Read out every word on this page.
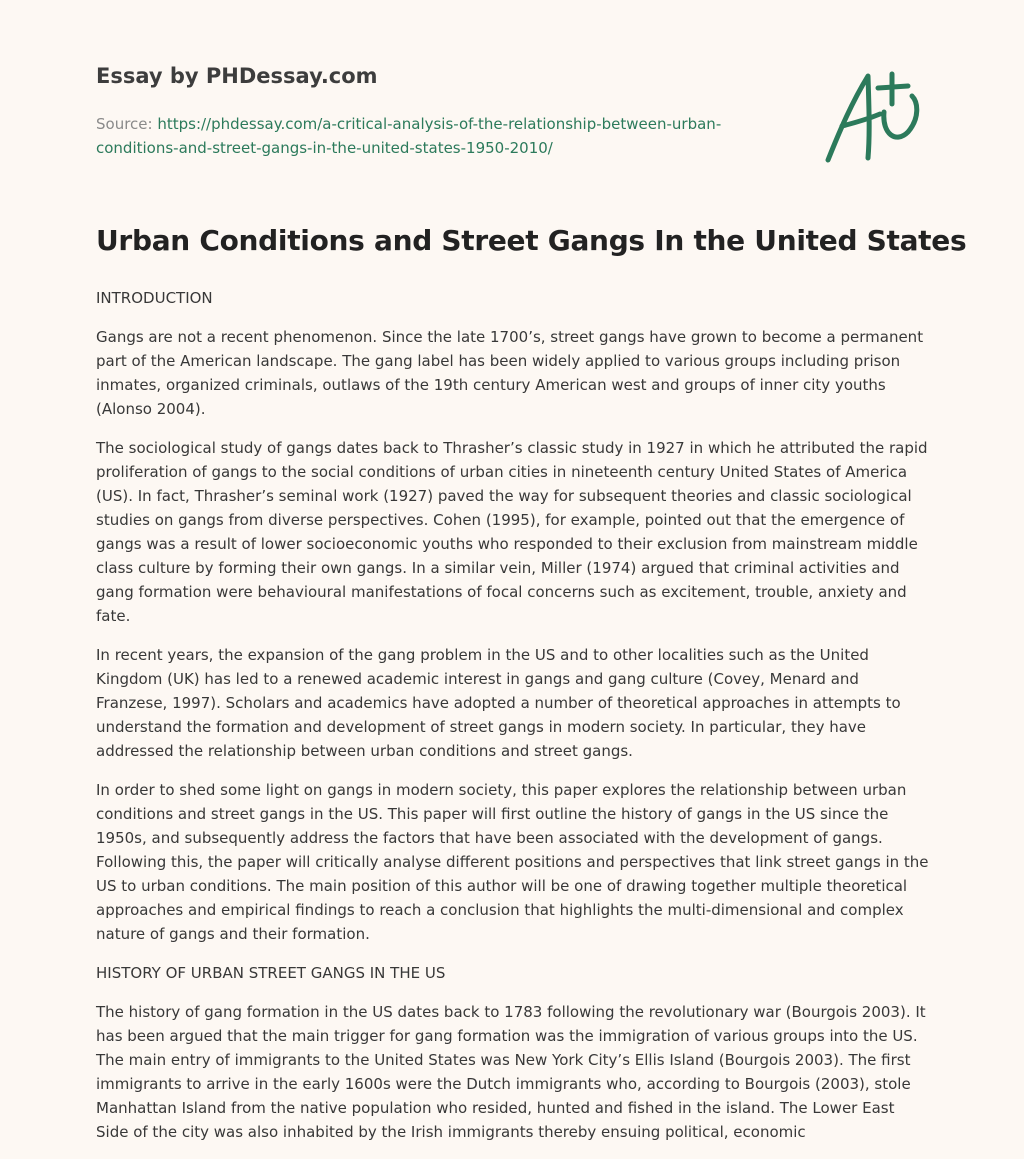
Essay by PHDessay.com
Source: https://phdessay.com/a-critical-analysis-of-the-relationship-between-urban-conditions-and-street-gangs-in-the-united-states-1950-2010/
Urban Conditions and Street Gangs In the United States

INTRODUCTION

Gangs are not a recent phenomenon. Since the late 1700’s, street gangs have grown to become a permanent part of the American landscape. The gang label has been widely applied to various groups including prison inmates, organized criminals, outlaws of the 19th century American west and groups of inner city youths (Alonso 2004).

The sociological study of gangs dates back to Thrasher’s classic study in 1927 in which he attributed the rapid proliferation of gangs to the social conditions of urban cities in nineteenth century United States of America (US). In fact, Thrasher’s seminal work (1927) paved the way for subsequent theories and classic sociological studies on gangs from diverse perspectives. Cohen (1995), for example, pointed out that the emergence of gangs was a result of lower socioeconomic youths who responded to their exclusion from mainstream middle class culture by forming their own gangs. In a similar vein, Miller (1974) argued that criminal activities and gang formation were behavioural manifestations of focal concerns such as excitement, trouble, anxiety and fate.

In recent years, the expansion of the gang problem in the US and to other localities such as the United Kingdom (UK) has led to a renewed academic interest in gangs and gang culture (Covey, Menard and Franzese, 1997). Scholars and academics have adopted a number of theoretical approaches in attempts to understand the formation and development of street gangs in modern society. In particular, they have addressed the relationship between urban conditions and street gangs.

In order to shed some light on gangs in modern society, this paper explores the relationship between urban conditions and street gangs in the US. This paper will first outline the history of gangs in the US since the 1950s, and subsequently address the factors that have been associated with the development of gangs. Following this, the paper will critically analyse different positions and perspectives that link street gangs in the US to urban conditions. The main position of this author will be one of drawing together multiple theoretical approaches and empirical findings to reach a conclusion that highlights the multi-dimensional and complex nature of gangs and their formation.

HISTORY OF URBAN STREET GANGS IN THE US

The history of gang formation in the US dates back to 1783 following the revolutionary war (Bourgois 2003). It has been argued that the main trigger for gang formation was the immigration of various groups into the US. The main entry of immigrants to the United States was New York City’s Ellis Island (Bourgois 2003). The first immigrants to arrive in the early 1600s were the Dutch immigrants who, according to Bourgois (2003), stole Manhattan Island from the native population who resided, hunted and fished in the island. The Lower East Side of the city was also inhabited by the Irish immigrants thereby ensuing political, economic
